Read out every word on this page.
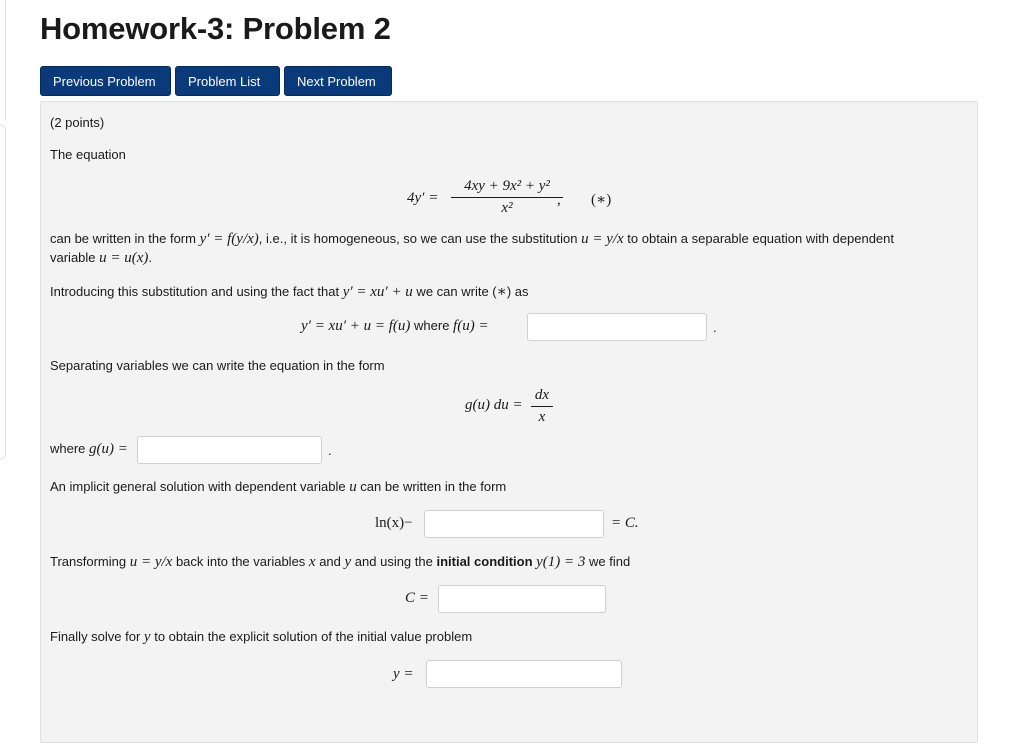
Homework-3: Problem 2
Previous Problem	Problem List	Next Problem
(2 points)
The equation
4y′ =
4xy + 9x² + y²
x²	, (∗)
can be written in the form y′ = f(y/x), i.e., it is homogeneous, so we can use the substitution u = y/x to obtain a separable equation with dependent
variable u = u(x).
Introducing this substitution and using the fact that y′ = xu′ + u we can write (∗) as
y′ = xu′ + u = f(u) where f(u) =	.
Separating variables we can write the equation in the form
g(u) du =
dx
x
where g(u) =	.
An implicit general solution with dependent variable u can be written in the form
ln(x)−	= C.
Transforming u = y/x back into the variables x and y and using the initial condition y(1) = 3 we find
C =
Finally solve for y to obtain the explicit solution of the initial value problem
y =
